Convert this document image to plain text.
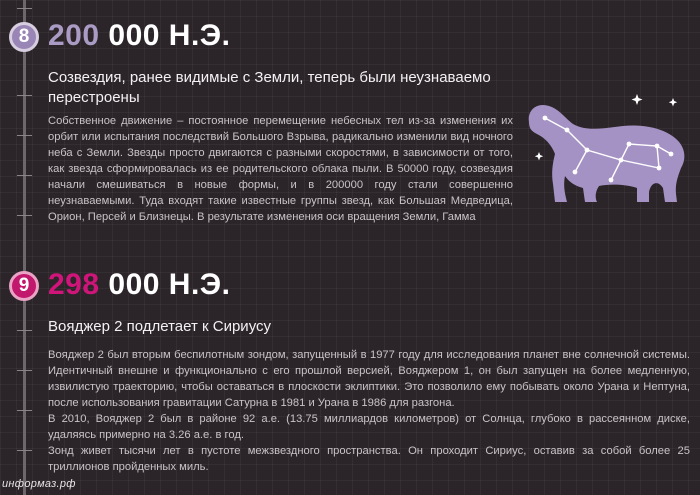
8 200 000 Н.Э.
Созвездия, ранее видимые с Земли, теперь были неузнаваемо перестроены

Собственное движение – постоянное перемещение небесных тел из-за изменения их орбит или испытания последствий Большого Взрыва, радикально изменили вид ночного неба с Земли. Звезды просто двигаются с разными скоростями, в зависимости от того, как звезда сформировалась из ее родительского облака пыли. В 50000 году, созвездия начали смешиваться в новые формы, и в 200000 году стали совершенно неузнаваемыми. Туда входят такие известные группы звезд, как Большая Медведица, Орион, Персей и Близнецы. В результате изменения оси вращения Земли, Гамма

9 298 000 Н.Э.
Вояджер 2 подлетает к Сириусу

Вояджер 2 был вторым беспилотным зондом, запущенный в 1977 году для исследования планет вне солнечной системы. Идентичный внешне и функционально с его прошлой версией, Вояджером 1, он был запущен на более медленную, извилистую траекторию, чтобы оставаться в плоскости эклиптики. Это позволило ему побывать около Урана и Нептуна, после использования гравитации Сатурна в 1981 и Урана в 1986 для разгона.

В 2010, Вояджер 2 был в районе 92 а.е. (13.75 миллиардов километров) от Солнца, глубоко в рассеянном диске, удаляясь примерно на 3.26 а.е. в год.

Зонд живет тысячи лет в пустоте межзвездного пространства. Он проходит Сириус, оставив за собой более 25 триллионов пройденных миль.

информаз.рф
